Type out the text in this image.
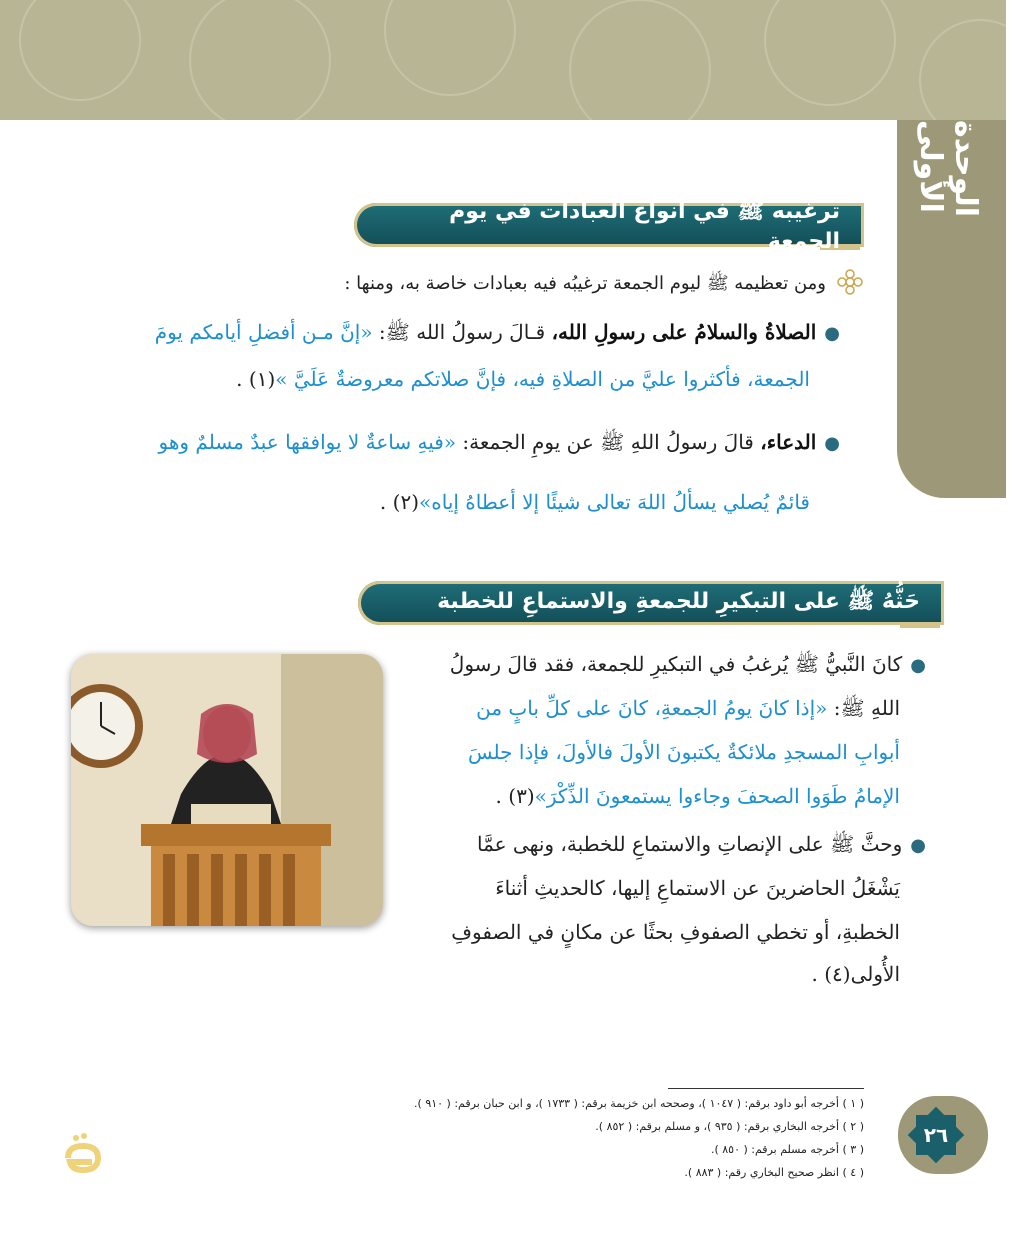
الوحدة الأولى
ترغيبه ﷺ في أنواع العبادات في يوم الجمعة
ومن تعظيمه ﷺ ليوم الجمعة ترغيبُه فيه بعبادات خاصة به، ومنها :
●الصلاةُ والسلامُ على رسولِ الله، قـالَ رسولُ الله ﷺ: «إنَّ مـن أفضلِ أيامكم يومَ
الجمعة، فأكثروا عليَّ من الصلاةِ فيه، فإنَّ صلاتكم معروضةٌ عَلَيَّ »(١) .
●الدعاء، قالَ رسولُ اللهِ ﷺ عن يومِ الجمعة: «فيهِ ساعةٌ لا يوافقها عبدٌ مسلمٌ وهو
قائمٌ يُصلي يسألُ اللهَ تعالى شيئًا إلا أعطاهُ إياه»(٢) .
حَثُّهُ ﷺ على التبكيرِ للجمعةِ والاستماعِ للخطبة
●كانَ النَّبيُّ ﷺ يُرغبُ في التبكيرِ للجمعة، فقد قالَ رسولُ
اللهِ ﷺ: «إذا كانَ يومُ الجمعةِ، كانَ على كلِّ بابٍ من
أبوابِ المسجدِ ملائكةٌ يكتبونَ الأولَ فالأولَ، فإذا جلسَ
الإمامُ طَوَوا الصحفَ وجاءوا يستمعونَ الذِّكْرَ»(٣) .
●وحثَّ ﷺ على الإنصاتِ والاستماعِ للخطبة، ونهى عمَّا
يَشْغَلُ الحاضرينَ عن الاستماعِ إليها، كالحديثِ أثناءَ
الخطبةِ، أو تخطي الصفوفِ بحثًا عن مكانٍ في الصفوفِ
الأُولى(٤) .
( ١ ) أخرجه أبو داود برقم: ( ١٠٤٧ )، وصححه ابن خزيمة برقم: ( ١٧٣٣ )، و ابن حبان برقم: ( ٩١٠ ).
( ٢ ) أخرجه البخاري برقم: ( ٩٣٥ )، و مسلم برقم: ( ٨٥٢ ).
( ٣ ) أخرجه مسلم برقم: ( ٨٥٠ ).
( ٤ ) انظر صحيح البخاري رقم: ( ٨٨٣ ).
٢٦
